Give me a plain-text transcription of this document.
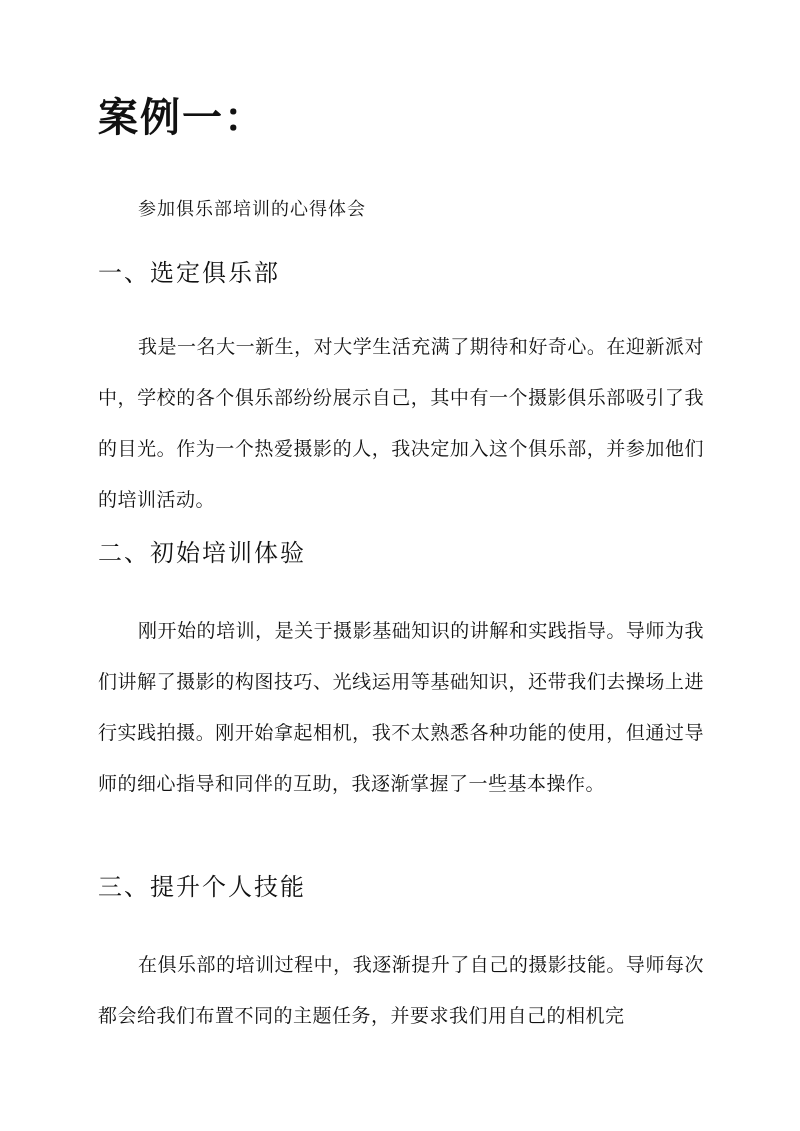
案例一：

参加俱乐部培训的心得体会

一、选定俱乐部

我是一名大一新生，对大学生活充满了期待和好奇心。在迎新派对中，学校的各个俱乐部纷纷展示自己，其中有一个摄影俱乐部吸引了我的目光。作为一个热爱摄影的人，我决定加入这个俱乐部，并参加他们的培训活动。

二、初始培训体验

刚开始的培训，是关于摄影基础知识的讲解和实践指导。导师为我们讲解了摄影的构图技巧、光线运用等基础知识，还带我们去操场上进行实践拍摄。刚开始拿起相机，我不太熟悉各种功能的使用，但通过导师的细心指导和同伴的互助，我逐渐掌握了一些基本操作。

三、提升个人技能

在俱乐部的培训过程中，我逐渐提升了自己的摄影技能。导师每次都会给我们布置不同的主题任务，并要求我们用自己的相机完
